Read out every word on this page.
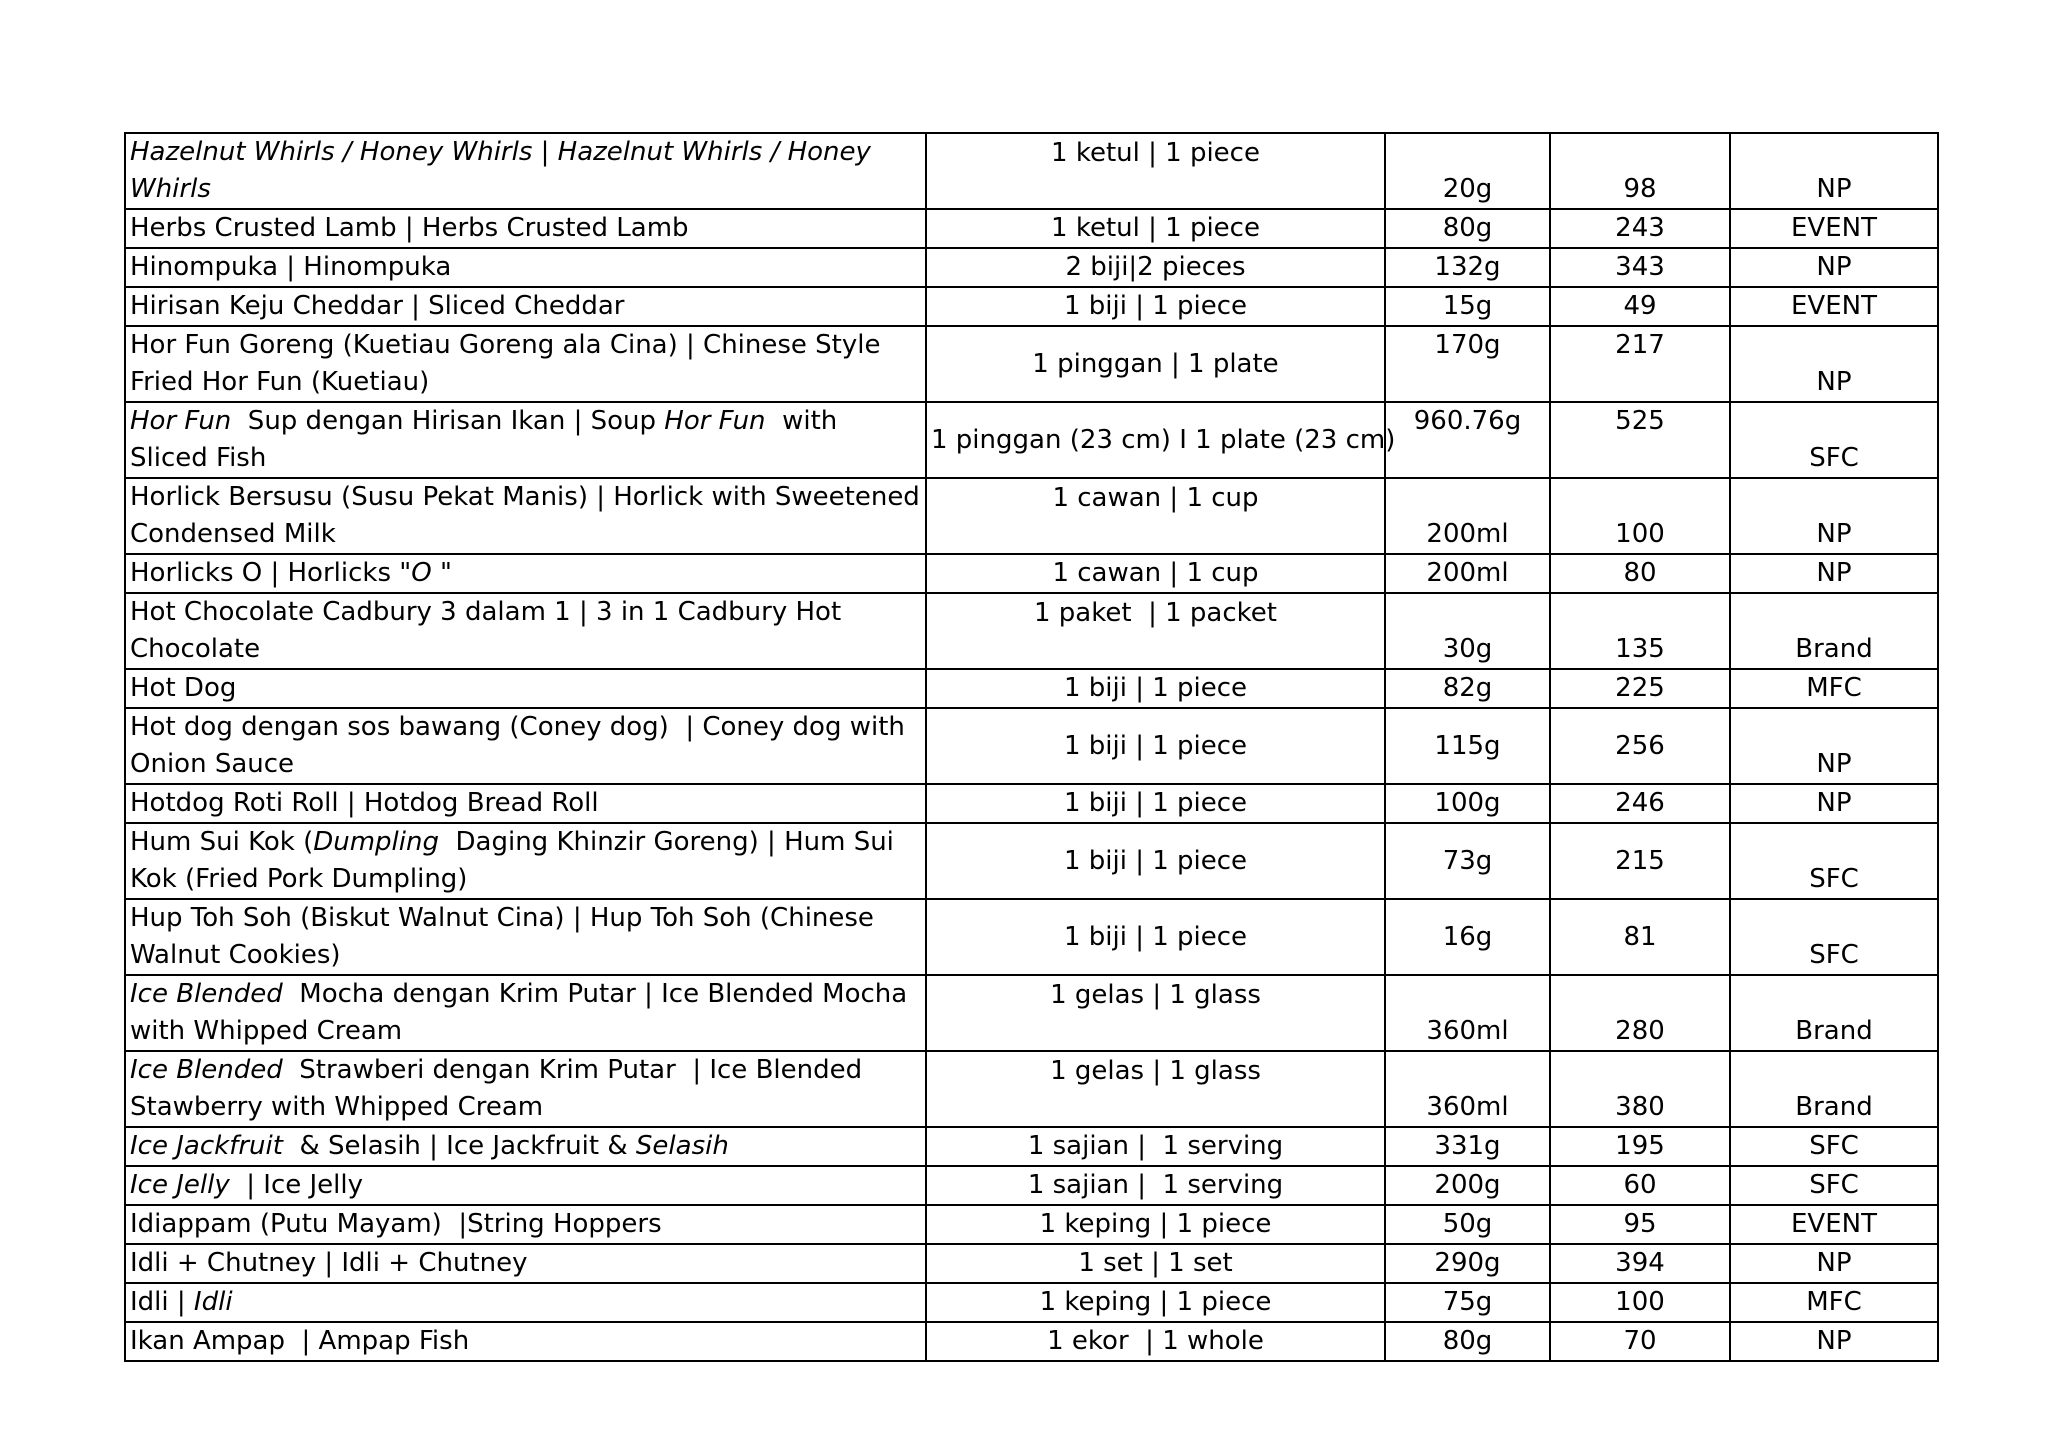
Hazelnut Whirls / Honey Whirls | Hazelnut Whirls / Honey Whirls	1 ketul | 1 piece	20g	98	NP
Herbs Crusted Lamb | Herbs Crusted Lamb	1 ketul | 1 piece	80g	243	EVENT
Hinompuka | Hinompuka	2 biji|2 pieces	132g	343	NP
Hirisan Keju Cheddar | Sliced Cheddar	1 biji | 1 piece	15g	49	EVENT
Hor Fun Goreng (Kuetiau Goreng ala Cina) | Chinese Style Fried Hor Fun (Kuetiau)	1 pinggan | 1 plate	170g	217	NP
Hor Fun  Sup dengan Hirisan Ikan | Soup Hor Fun  with Sliced Fish	1 pinggan (23 cm) I 1 plate (23 cm)	960.76g	525	SFC
Horlick Bersusu (Susu Pekat Manis) | Horlick with Sweetened Condensed Milk	1 cawan | 1 cup	200ml	100	NP
Horlicks O | Horlicks "O "	1 cawan | 1 cup	200ml	80	NP
Hot Chocolate Cadbury 3 dalam 1 | 3 in 1 Cadbury Hot Chocolate	1 paket  | 1 packet	30g	135	Brand
Hot Dog	1 biji | 1 piece	82g	225	MFC
Hot dog dengan sos bawang (Coney dog)  | Coney dog with Onion Sauce	1 biji | 1 piece	115g	256	NP
Hotdog Roti Roll | Hotdog Bread Roll	1 biji | 1 piece	100g	246	NP
Hum Sui Kok (Dumpling  Daging Khinzir Goreng) | Hum Sui Kok (Fried Pork Dumpling)	1 biji | 1 piece	73g	215	SFC
Hup Toh Soh (Biskut Walnut Cina) | Hup Toh Soh (Chinese Walnut Cookies)	1 biji | 1 piece	16g	81	SFC
Ice Blended  Mocha dengan Krim Putar | Ice Blended Mocha with Whipped Cream	1 gelas | 1 glass	360ml	280	Brand
Ice Blended  Strawberi dengan Krim Putar  | Ice Blended Stawberry with Whipped Cream	1 gelas | 1 glass	360ml	380	Brand
Ice Jackfruit  & Selasih | Ice Jackfruit & Selasih	1 sajian |  1 serving	331g	195	SFC
Ice Jelly  | Ice Jelly	1 sajian |  1 serving	200g	60	SFC
Idiappam (Putu Mayam)  |String Hoppers	1 keping | 1 piece	50g	95	EVENT
Idli + Chutney | Idli + Chutney	1 set | 1 set	290g	394	NP
Idli | Idli	1 keping | 1 piece	75g	100	MFC
Ikan Ampap  | Ampap Fish	1 ekor  | 1 whole	80g	70	NP
